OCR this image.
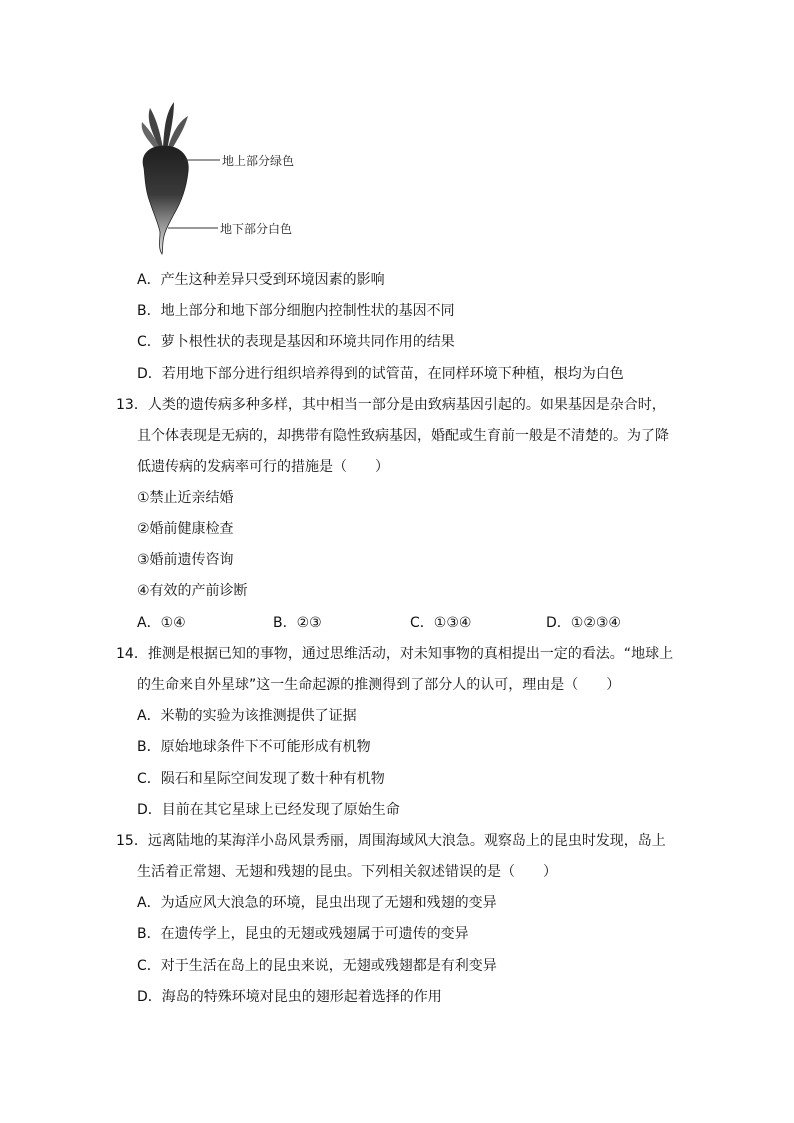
地上部分绿色
地下部分白色
A．产生这种差异只受到环境因素的影响
B．地上部分和地下部分细胞内控制性状的基因不同
C．萝卜根性状的表现是基因和环境共同作用的结果
D．若用地下部分进行组织培养得到的试管苗，在同样环境下种植，根均为白色
13．人类的遗传病多种多样，其中相当一部分是由致病基因引起的。如果基因是杂合时，
且个体表现是无病的，却携带有隐性致病基因，婚配或生育前一般是不清楚的。为了降
低遗传病的发病率可行的措施是（　　）
①禁止近亲结婚
②婚前健康检查
③婚前遗传咨询
④有效的产前诊断
A．①④	B．②③	C．①③④	D．①②③④
14．推测是根据已知的事物，通过思维活动，对未知事物的真相提出一定的看法。“地球上
的生命来自外星球”这一生命起源的推测得到了部分人的认可，理由是（　　）
A．米勒的实验为该推测提供了证据
B．原始地球条件下不可能形成有机物
C．陨石和星际空间发现了数十种有机物
D．目前在其它星球上已经发现了原始生命
15．远离陆地的某海洋小岛风景秀丽，周围海域风大浪急。观察岛上的昆虫时发现，岛上
生活着正常翅、无翅和残翅的昆虫。下列相关叙述错误的是（　　）
A．为适应风大浪急的环境，昆虫出现了无翅和残翅的变异
B．在遗传学上，昆虫的无翅或残翅属于可遗传的变异
C．对于生活在岛上的昆虫来说，无翅或残翅都是有利变异
D．海岛的特殊环境对昆虫的翅形起着选择的作用
